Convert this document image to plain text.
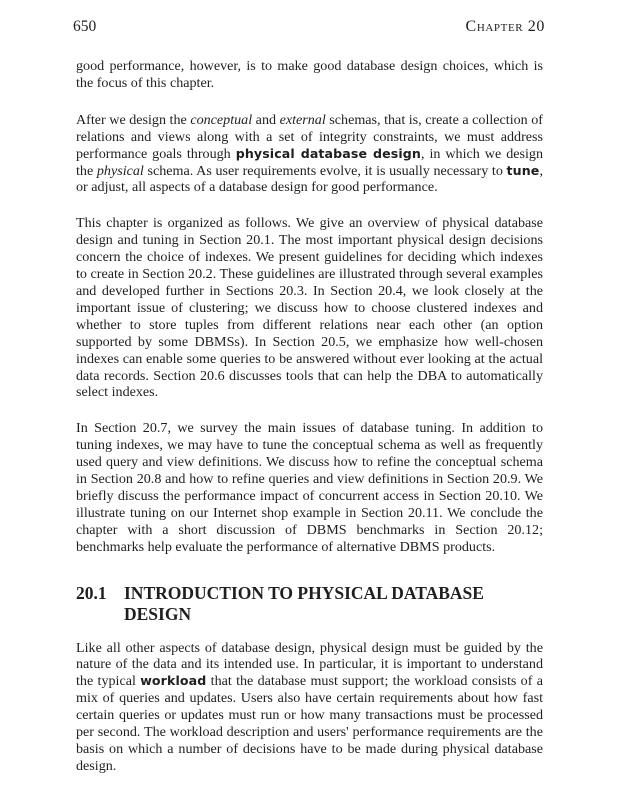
650	Chapter 20

good performance, however, is to make good database design choices, which is the focus of this chapter.

After we design the conceptual and external schemas, that is, create a collection of relations and views along with a set of integrity constraints, we must address performance goals through physical database design, in which we design the physical schema. As user requirements evolve, it is usually necessary to tune, or adjust, all aspects of a database design for good performance.

This chapter is organized as follows. We give an overview of physical database design and tuning in Section 20.1. The most important physical design decisions concern the choice of indexes. We present guidelines for deciding which indexes to create in Section 20.2. These guidelines are illustrated through several examples and developed further in Sections 20.3. In Section 20.4, we look closely at the important issue of clustering; we discuss how to choose clustered indexes and whether to store tuples from different relations near each other (an option supported by some DBMSs). In Section 20.5, we emphasize how well-chosen indexes can enable some queries to be answered without ever looking at the actual data records. Section 20.6 discusses tools that can help the DBA to automatically select indexes.

In Section 20.7, we survey the main issues of database tuning. In addition to tuning indexes, we may have to tune the conceptual schema as well as frequently used query and view definitions. We discuss how to refine the conceptual schema in Section 20.8 and how to refine queries and view definitions in Section 20.9. We briefly discuss the performance impact of concurrent access in Section 20.10. We illustrate tuning on our Internet shop example in Section 20.11. We conclude the chapter with a short discussion of DBMS benchmarks in Section 20.12; benchmarks help evaluate the performance of alternative DBMS products.

20.1 INTRODUCTION TO PHYSICAL DATABASE DESIGN

Like all other aspects of database design, physical design must be guided by the nature of the data and its intended use. In particular, it is important to understand the typical workload that the database must support; the workload consists of a mix of queries and updates. Users also have certain requirements about how fast certain queries or updates must run or how many transactions must be processed per second. The workload description and users' performance requirements are the basis on which a number of decisions have to be made during physical database design.
